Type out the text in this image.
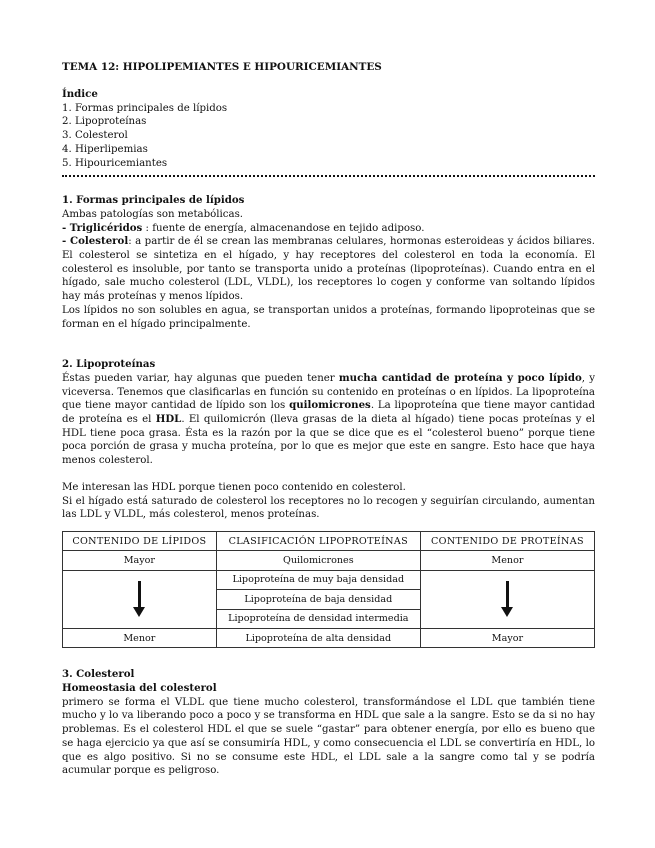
TEMA 12: HIPOLIPEMIANTES E HIPOURICEMIANTES

Índice

1. Formas principales de lípidos

2. Lipoproteínas

3. Colesterol

4. Hiperlipemias

5. Hipouricemiantes

1. Formas principales de lípidos

Ambas patologías son metabólicas.

- Triglicéridos : fuente de energía, almacenandose en tejido adiposo.

- Colesterol: a partir de él se crean las membranas celulares, hormonas esteroideas y ácidos biliares. El colesterol se sintetiza en el hígado, y hay receptores del colesterol en toda la economía. El colesterol es insoluble, por tanto se transporta unido a proteínas (lipoproteínas). Cuando entra en el hígado, sale mucho colesterol (LDL, VLDL), los receptores lo cogen y conforme van soltando lípidos hay más proteínas y menos lípidos.

Los lípidos no son solubles en agua, se transportan unidos a proteínas, formando lipoproteinas que se forman en el hígado principalmente.

2. Lipoproteínas

Éstas pueden variar, hay algunas que pueden tener mucha cantidad de proteína y poco lípido, y viceversa. Tenemos que clasificarlas en función su contenido en proteínas o en lípidos. La lipoproteína que tiene mayor cantidad de lípido son los quilomicrones. La lipoproteína que tiene mayor cantidad de proteína es el HDL. El quilomicrón (lleva grasas de la dieta al hígado) tiene pocas proteínas y el HDL tiene poca grasa. Ésta es la razón por la que se dice que es el “colesterol bueno” porque tiene poca porción de grasa y mucha proteína, por lo que es mejor que este en sangre. Esto hace que haya menos colesterol.

Me interesan las HDL porque tienen poco contenido en colesterol.

Si el hígado está saturado de colesterol los receptores no lo recogen y seguirían circulando, aumentan las LDL y VLDL, más colesterol, menos proteínas.

CONTENIDO DE LÍPIDOS	CLASIFICACIÓN LIPOPROTEÍNAS	CONTENIDO DE PROTEÍNAS
Mayor	Quilomicrones	Menor

	Lipoproteína de muy baja densidad	

	Lipoproteína de baja densidad	
	Lipoproteína de densidad intermedia	
Menor	Lipoproteína de alta densidad	Mayor

3. Colesterol

Homeostasia del colesterol

primero se forma el VLDL que tiene mucho colesterol, transformándose el LDL que también tiene mucho y lo va liberando poco a poco y se transforma en HDL que sale a la sangre. Esto se da si no hay problemas. Es el colesterol HDL el que se suele “gastar” para obtener energía, por ello es bueno que se haga ejercicio ya que así se consumiría HDL, y como consecuencia el LDL se convertiría en HDL, lo que es algo positivo. Si no se consume este HDL, el LDL sale a la sangre como tal y se podría acumular porque es peligroso.
